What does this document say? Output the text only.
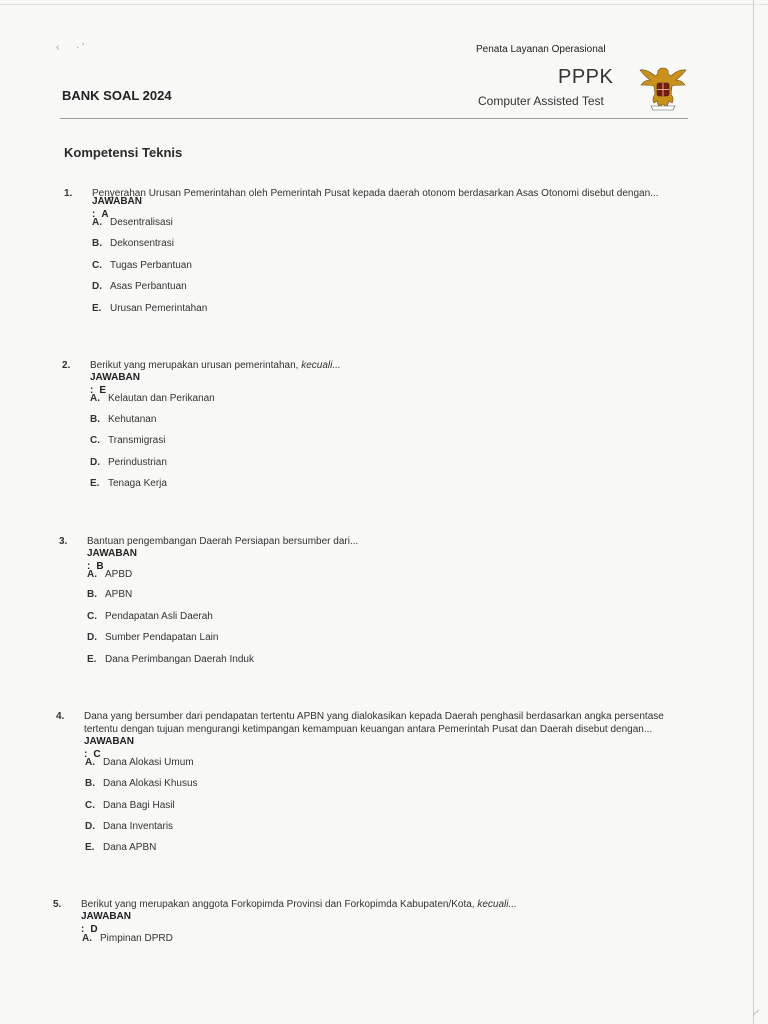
‹      · ′	Penata Layanan Operasional
PPPK
Computer Assisted Test
BANK SOAL 2024
Kompetensi Teknis
1. Penyerahan Urusan Pemerintahan oleh Pemerintah Pusat kepada daerah otonom berdasarkan Asas Otonomi disebut dengan...
JAWABAN : A
A. Desentralisasi
B. Dekonsentrasi
C. Tugas Perbantuan
D. Asas Perbantuan
E. Urusan Pemerintahan
2. Berikut yang merupakan urusan pemerintahan, kecuali...
JAWABAN : E
A. Kelautan dan Perikanan
B. Kehutanan
C. Transmigrasi
D. Perindustrian
E. Tenaga Kerja
3. Bantuan pengembangan Daerah Persiapan bersumber dari...
JAWABAN : B
A. APBD
B. APBN
C. Pendapatan Asli Daerah
D. Sumber Pendapatan Lain
E. Dana Perimbangan Daerah Induk
4. Dana yang bersumber dari pendapatan tertentu APBN yang dialokasikan kepada Daerah penghasil berdasarkan angka persentase tertentu dengan tujuan mengurangi ketimpangan kemampuan keuangan antara Pemerintah Pusat dan Daerah disebut dengan...
JAWABAN : C
A. Dana Alokasi Umum
B. Dana Alokasi Khusus
C. Dana Bagi Hasil
D. Dana Inventaris
E. Dana APBN
5. Berikut yang merupakan anggota Forkopimda Provinsi dan Forkopimda Kabupaten/Kota, kecuali...
JAWABAN : D
A. Pimpinan DPRD
